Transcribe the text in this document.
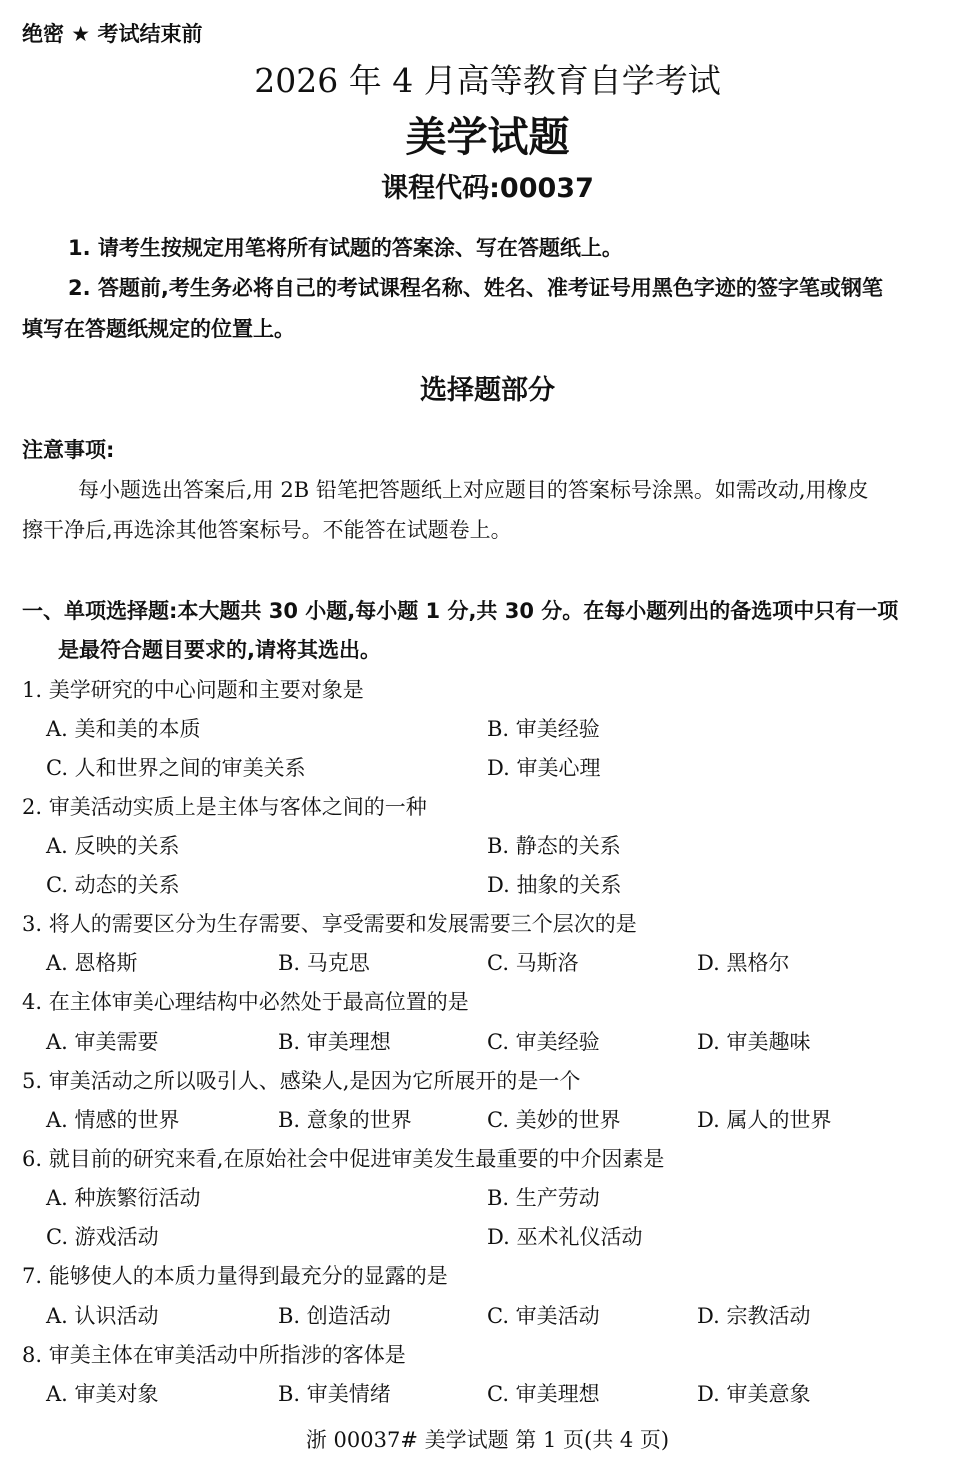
绝密 ★ 考试结束前
2026 年 4 月高等教育自学考试
美学试题
课程代码:00037
1. 请考生按规定用笔将所有试题的答案涂、写在答题纸上。
2. 答题前,考生务必将自己的考试课程名称、姓名、准考证号用黑色字迹的签字笔或钢笔
填写在答题纸规定的位置上。
选择题部分
注意事项:
每小题选出答案后,用 2B 铅笔把答题纸上对应题目的答案标号涂黑。如需改动,用橡皮
擦干净后,再选涂其他答案标号。不能答在试题卷上。
一、单项选择题:本大题共 30 小题,每小题 1 分,共 30 分。在每小题列出的备选项中只有一项
是最符合题目要求的,请将其选出。
1. 美学研究的中心问题和主要对象是
A. 美和美的本质	B. 审美经验
C. 人和世界之间的审美关系	D. 审美心理
2. 审美活动实质上是主体与客体之间的一种
A. 反映的关系	B. 静态的关系
C. 动态的关系	D. 抽象的关系
3. 将人的需要区分为生存需要、享受需要和发展需要三个层次的是
A. 恩格斯	B. 马克思	C. 马斯洛	D. 黑格尔
4. 在主体审美心理结构中必然处于最高位置的是
A. 审美需要	B. 审美理想	C. 审美经验	D. 审美趣味
5. 审美活动之所以吸引人、感染人,是因为它所展开的是一个
A. 情感的世界	B. 意象的世界	C. 美妙的世界	D. 属人的世界
6. 就目前的研究来看,在原始社会中促进审美发生最重要的中介因素是
A. 种族繁衍活动	B. 生产劳动
C. 游戏活动	D. 巫术礼仪活动
7. 能够使人的本质力量得到最充分的显露的是
A. 认识活动	B. 创造活动	C. 审美活动	D. 宗教活动
8. 审美主体在审美活动中所指涉的客体是
A. 审美对象	B. 审美情绪	C. 审美理想	D. 审美意象
浙 00037# 美学试题 第 1 页(共 4 页)
